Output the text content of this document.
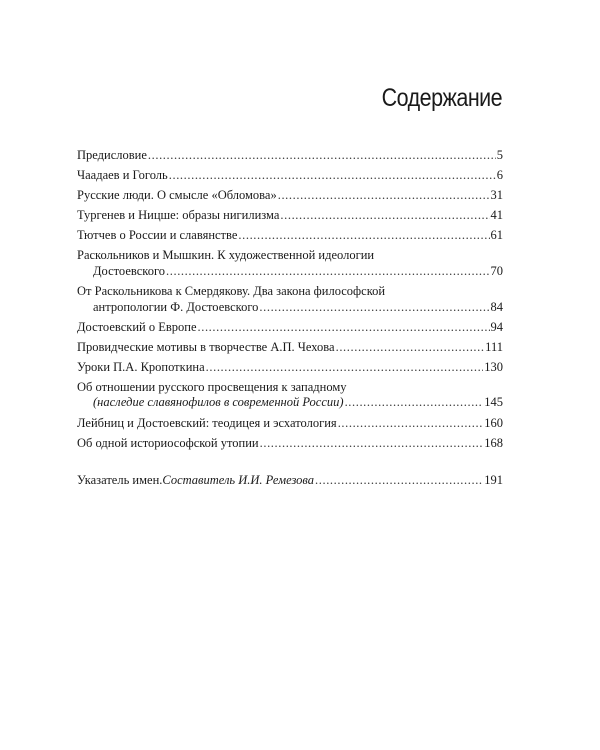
Содержание
Предисловие .....	5
Чаадаев и Гоголь .....	6
Русские люди. О смысле «Обломова» .....	31
Тургенев и Ницше: образы нигилизма .....	41
Тютчев о России и славянстве .....	61
Раскольников и Мышкин. К художественной идеологии
Достоевского .....	70
От Раскольникова к Смердякову. Два закона философской
антропологии Ф. Достоевского .....	84
Достоевский о Европе .....	94
Провидческие мотивы в творчестве А.П. Чехова .....	111
Уроки П.А. Кропоткина .....	130
Об отношении русского просвещения к западному
(наследие славянофилов в современной России) .....	145
Лейбниц и Достоевский: теодицея и эсхатология .....	160
Об одной историософской утопии .....	168
Указатель имен. Составитель И.И. Ремезова .....	191
